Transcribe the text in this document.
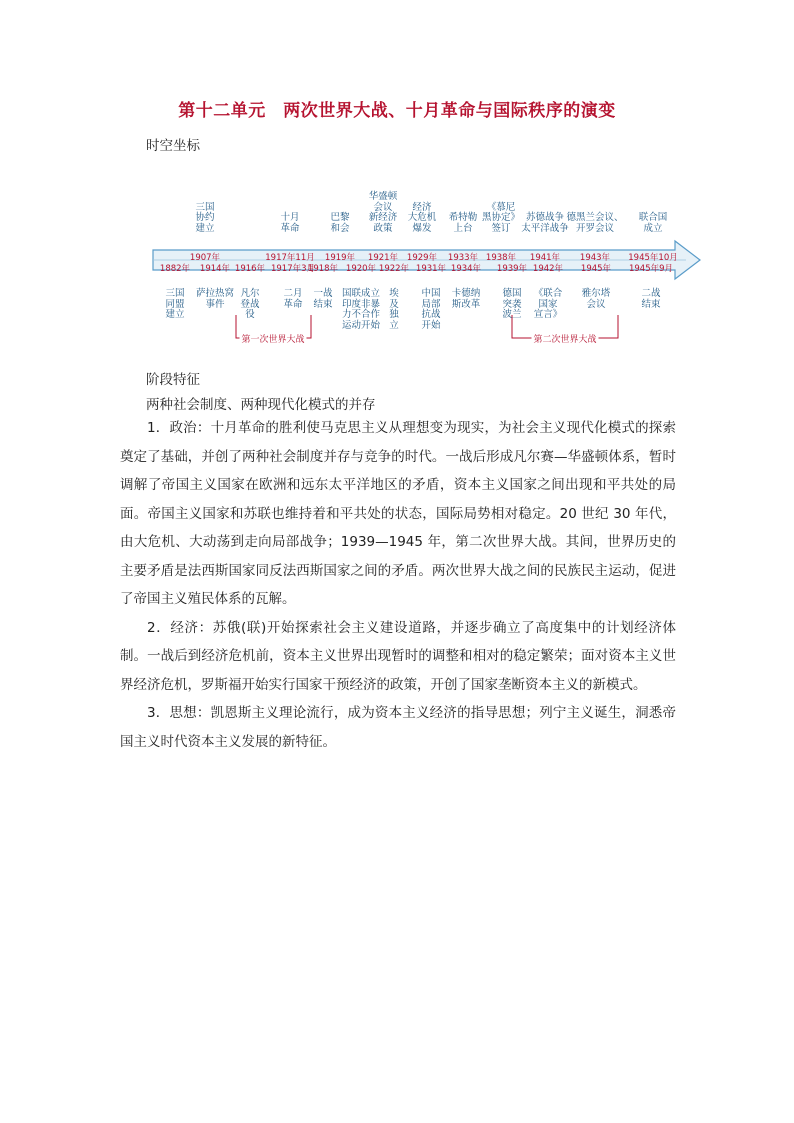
第十二单元　两次世界大战、十月革命与国际秩序的演变
时空坐标
三国
协约
建立
1907年
十月
革命
1917年11月
巴黎
和会
1919年
华盛顿
会议
新经济
政策
1921年
经济
大危机
爆发
1929年
希特勒
上台
1933年
《慕尼
黑协定》
签订
1938年
苏德战争
太平洋战争
1941年
德黑兰会议、
开罗会议
1943年
联合国
成立
1945年10月
三国
同盟
建立
1882年
萨拉热窝
事件
1914年
凡尔
登战
役
1916年
二月
革命
1917年3月
一战
结束
1918年
国联成立
印度非暴
力不合作
运动开始
1920年
埃
及
独
立
1922年
中国
局部
抗战
开始
1931年
卡德纳
斯改革
1934年
德国
突袭
波兰
1939年
《联合
国家
宣言》
1942年
雅尔塔
会议
1945年
二战
结束
1945年9月
第一次世界大战	第二次世界大战
阶段特征
两种社会制度、两种现代化模式的并存

1．政治：十月革命的胜利使马克思主义从理想变为现实，为社会主义现代化模式的探索奠定了基础，并创了两种社会制度并存与竞争的时代。一战后形成凡尔赛—华盛顿体系，暂时调解了帝国主义国家在欧洲和远东太平洋地区的矛盾，资本主义国家之间出现和平共处的局面。帝国主义国家和苏联也维持着和平共处的状态，国际局势相对稳定。20 世纪 30 年代，由大危机、大动荡到走向局部战争；1939—1945 年，第二次世界大战。其间，世界历史的主要矛盾是法西斯国家同反法西斯国家之间的矛盾。两次世界大战之间的民族民主运动，促进了帝国主义殖民体系的瓦解。

2．经济：苏俄(联)开始探索社会主义建设道路，并逐步确立了高度集中的计划经济体制。一战后到经济危机前，资本主义世界出现暂时的调整和相对的稳定繁荣；面对资本主义世界经济危机，罗斯福开始实行国家干预经济的政策，开创了国家垄断资本主义的新模式。

3．思想：凯恩斯主义理论流行，成为资本主义经济的指导思想；列宁主义诞生，洞悉帝国主义时代资本主义发展的新特征。
